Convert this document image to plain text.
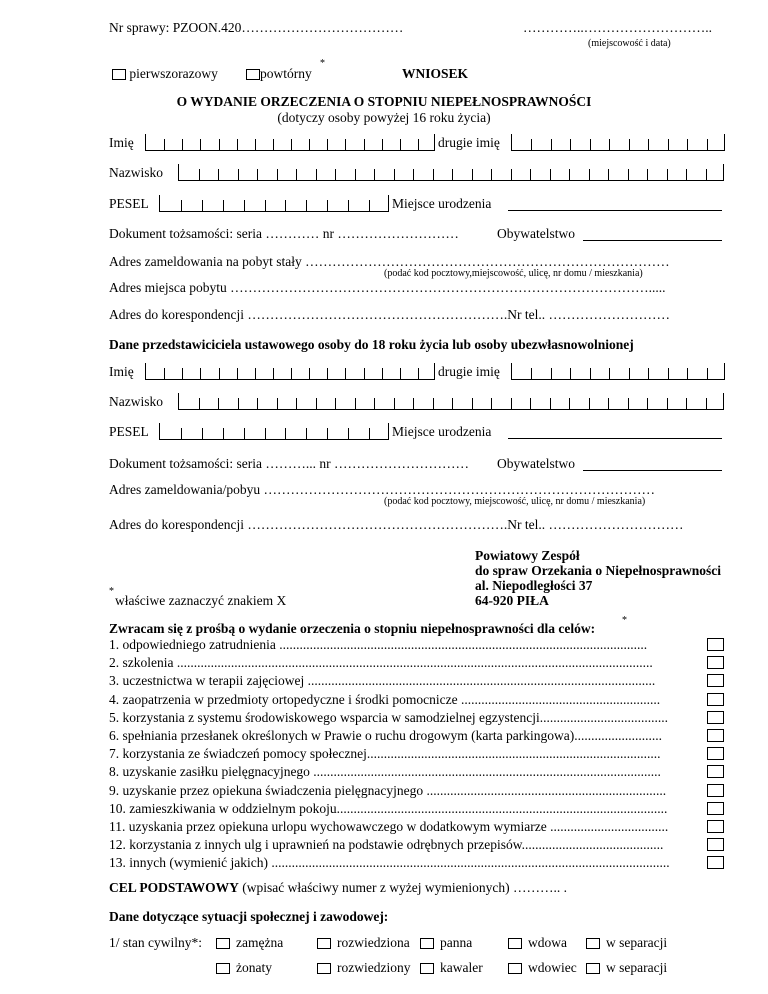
Nr sprawy: PZOON.420………………………………	…………..………………………..
(miejscowość i data)
pierwszorazowy	powtórny
*
WNIOSEK
O WYDANIE ORZECZENIA O STOPNIU NIEPEŁNOSPRAWNOŚCI
(dotyczy osoby powyżej 16 roku życia)
Imię	drugie imię
Nazwisko
PESEL	Miejsce urodzenia
Dokument tożsamości: seria ………… nr ………………………	Obywatelstwo
Adres zameldowania na pobyt stały ………………………………………………………………………
(podać kod pocztowy,miejscowość, ulicę, nr domu / mieszkania)
Adres miejsca pobytu ………………………………………………………………………………….....
Adres do korespondencji ………………………………………………….Nr tel.. ………………………
Dane przedstawiciciela ustawowego osoby do 18 roku życia lub osoby ubezwłasnowolnionej
Imię	drugie imię
Nazwisko
PESEL	Miejsce urodzenia
Dokument tożsamości: seria ………... nr ………………………… Obywatelstwo
Adres zameldowania/pobyu ……………………………………………………………………………
(podać kod pocztowy, miejscowość, ulicę, nr domu / mieszkania)
Adres do korespondencji ………………………………………………….Nr tel.. …………………………
Powiatowy Zespół
do spraw Orzekania o Niepełnosprawności
al. Niepodległości 37
64-920 PIŁA
*
właściwe zaznaczyć znakiem X
Zwracam się z prośbą o wydanie orzeczenia o stopniu niepełnosprawności dla celów:
*
1. odpowiedniego zatrudnienia .............................................................................................................
2. szkolenia .............................................................................................................................................
3. uczestnictwa w terapii zajęciowej .......................................................................................................
4. zaopatrzenia w przedmioty ortopedyczne i środki pomocnicze ...........................................................
5. korzystania z systemu środowiskowego wsparcia w samodzielnej egzystencji......................................
6. spełniania przesłanek określonych w Prawie o ruchu drogowym (karta parkingowa)..........................
7. korzystania ze świadczeń pomocy społecznej.......................................................................................
8. uzyskanie zasiłku pielęgnacyjnego .......................................................................................................
9. uzyskanie przez opiekuna świadczenia pielęgnacyjnego .......................................................................
10. zamieszkiwania w oddzielnym pokoju..................................................................................................
11. uzyskania przez opiekuna urlopu wychowawczego w dodatkowym wymiarze ...................................
12. korzystania z innych ulg i uprawnień na podstawie odrębnych przepisów..........................................
13. innych (wymienić jakich) ......................................................................................................................
CEL PODSTAWOWY (wpisać właściwy numer z wyżej wymienionych) ……….. .
Dane dotyczące sytuacji społecznej i zawodowej:
1/ stan cywilny*:	zamężna	rozwiedziona	panna	wdowa	w separacji
żonaty	rozwiedziony	kawaler	wdowiec	w separacji
